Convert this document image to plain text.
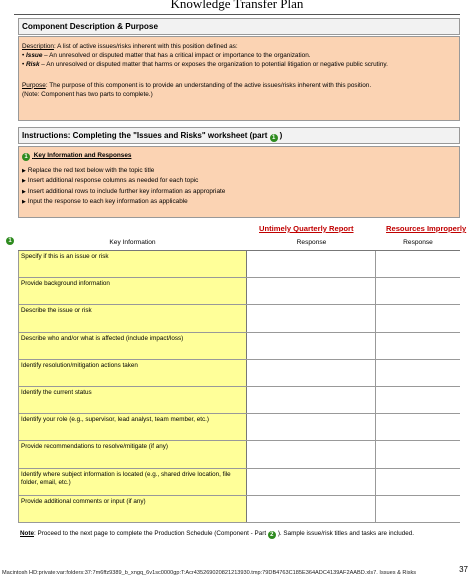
Knowledge Transfer Plan
Component Description & Purpose

Description: A list of active issues/risks inherent with this position defined as:

• Issue – An unresolved or disputed matter that has a critical impact or importance to the organization.

• Risk – An unresolved or disputed matter that harms or exposes the organization to potential litigation or negative public scrutiny.

Purpose: The purpose of this component is to provide an understanding of the active issues/risks inherent with this position.

(Note: Component has two parts to complete.)

Instructions: Completing the "Issues and Risks" worksheet (part 1 )
1 Key Information and Responses
▶ Replace the red text below with the topic title
▶ Insert additional response columns as needed for each topic
▶ Insert additional rows to include further key information as appropriate
▶ Input the response to each key information as applicable
1
Untimely Quarterly Report	Resources Improperly
Key Information	Response	Response
Specify if this is an issue or risk
Provide background information
Describe the issue or risk
Describe who and/or what is affected (include impact/loss)
Identify resolution/mitigation actions taken
Identify the current status
Identify your role (e.g., supervisor, lead analyst, team member, etc.)
Provide recommendations to resolve/mitigate (if any)
Identify where subject information is located (e.g., shared drive location, file folder, email, etc.)
Provide additional comments or input (if any)
Note: Proceed to the next page to complete the Production Schedule (Component - Part 2 ). Sample issue/risk titles and tasks are included.
Macintosh HD:private:var:folders:37:7m6ffz9389_b_xngq_6v1sc0000gp:T:Acr435269020821213930.tmp:79DB4763C185E364ADC4139AF2AABD.xls7. Issues & Risks	37
